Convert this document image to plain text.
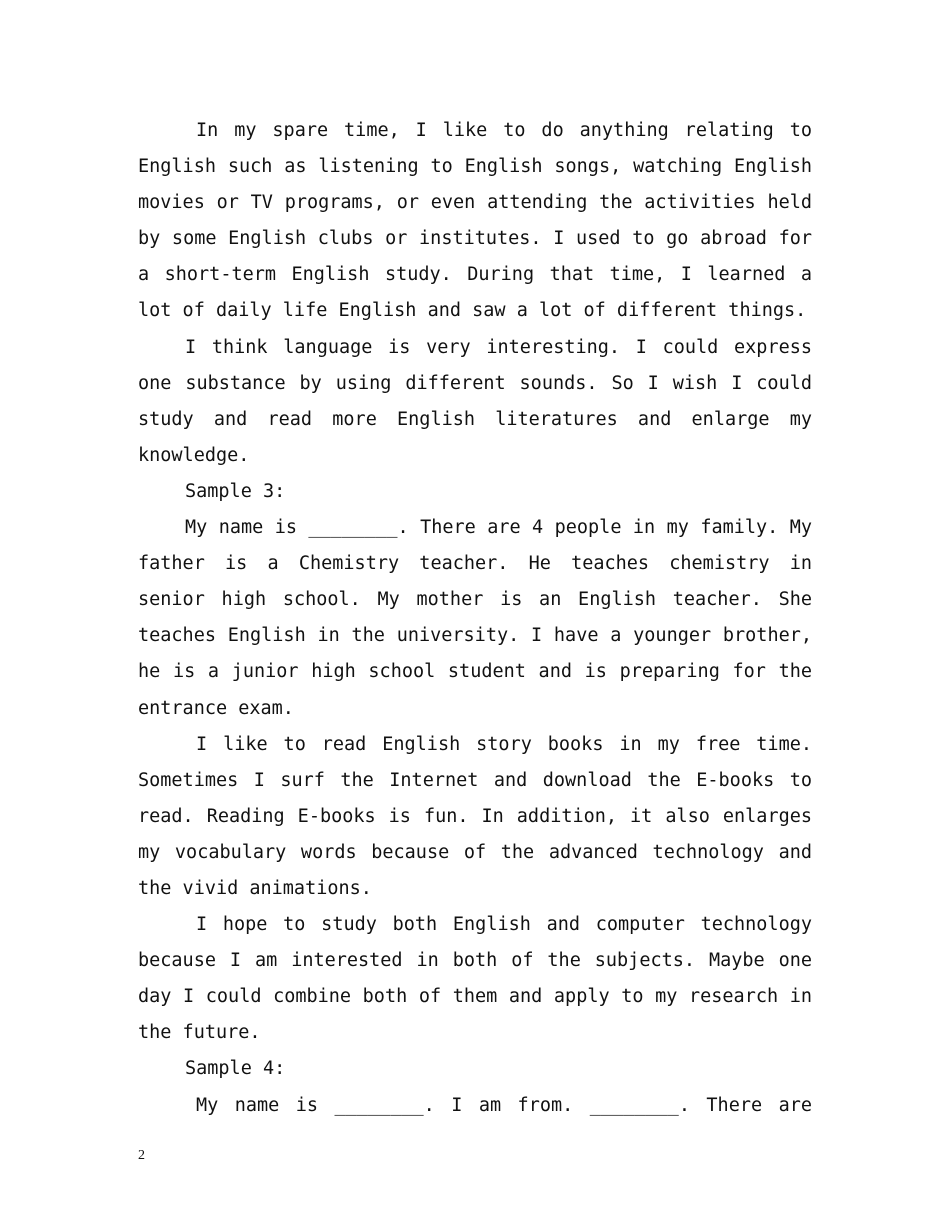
In my spare time, I like to do anything relating to English such as listening to English songs, watching English movies or TV programs, or even attending the activities held by some English clubs or institutes. I used to go abroad for a short-term English study. During that time, I learned a lot of daily life English and saw a lot of different things.

I think language is very interesting. I could express one substance by using different sounds. So I wish I could study and read more English literatures and enlarge my knowledge.

Sample 3:

My name is ________. There are 4 people in my family. My father is a Chemistry teacher. He teaches chemistry in senior high school. My mother is an English teacher. She teaches English in the university. I have a younger brother, he is a junior high school student and is preparing for the entrance exam.

I like to read English story books in my free time. Sometimes I surf the Internet and download the E-books to read. Reading E-books is fun. In addition, it also enlarges my vocabulary words because of the advanced technology and the vivid animations.

I hope to study both English and computer technology because I am interested in both of the subjects. Maybe one day I could combine both of them and apply to my research in the future.

Sample 4:

My name is ________. I am from. ________. There are

2
